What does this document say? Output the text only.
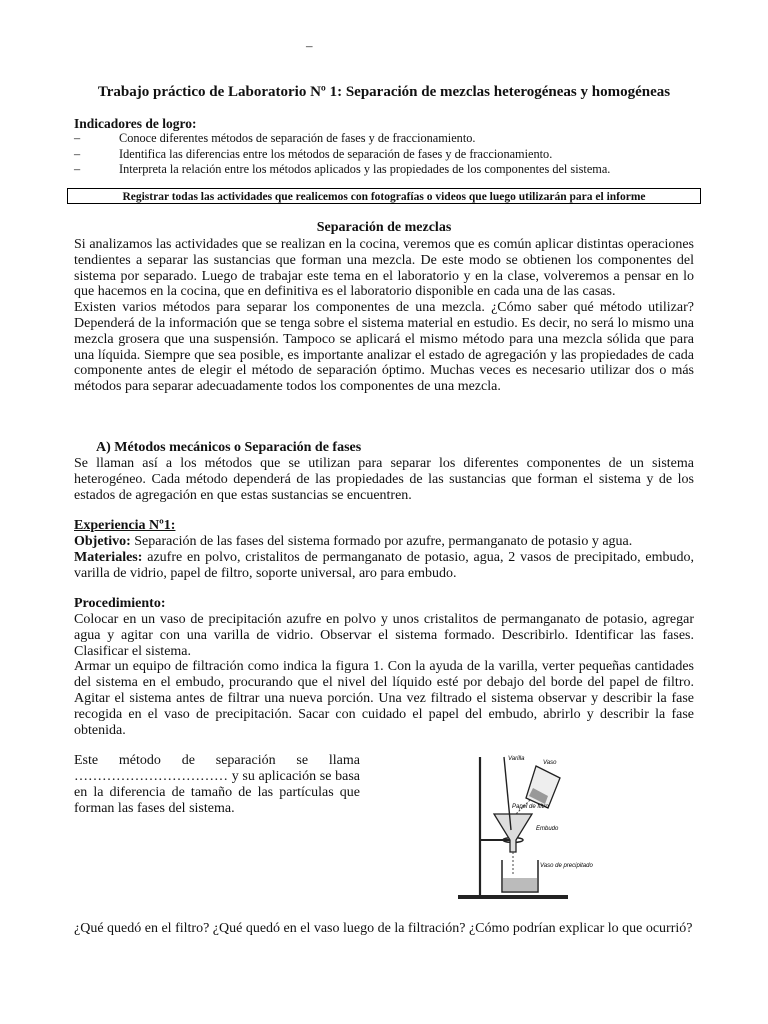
–
Trabajo práctico de Laboratorio Nº 1: Separación de mezclas heterogéneas y homogéneas
Indicadores de logro:
–	Conoce diferentes métodos de separación de fases y de fraccionamiento.
–	Identifica las diferencias entre los métodos de separación de fases y de fraccionamiento.
–	Interpreta la relación entre los métodos aplicados y las propiedades de los componentes del sistema.
Registrar todas las actividades que realicemos con fotografías o videos que luego utilizarán para el informe
Separación de mezclas

Si analizamos las actividades que se realizan en la cocina, veremos que es común aplicar distintas operaciones tendientes a separar las sustancias que forman una mezcla. De este modo se obtienen los componentes del sistema por separado. Luego de trabajar este tema en el laboratorio y en la clase, volveremos a pensar en lo que hacemos en la cocina, que en definitiva es el laboratorio disponible en cada una de las casas.

Existen varios métodos para separar los componentes de una mezcla. ¿Cómo saber qué método utilizar? Dependerá de la información que se tenga sobre el sistema material en estudio. Es decir, no será lo mismo una mezcla grosera que una suspensión. Tampoco se aplicará el mismo método para una mezcla sólida que para una líquida. Siempre que sea posible, es importante analizar el estado de agregación y las propiedades de cada componente antes de elegir el método de separación óptimo. Muchas veces es necesario utilizar dos o más métodos para separar adecuadamente todos los componentes de una mezcla.

A) Métodos mecánicos o Separación de fases
Se llaman así a los métodos que se utilizan para separar los diferentes componentes de un sistema heterogéneo. Cada método dependerá de las propiedades de las sustancias que forman el sistema y de los estados de agregación en que estas sustancias se encuentren.
Experiencia Nº1:

Objetivo: Separación de las fases del sistema formado por azufre, permanganato de potasio y agua.

Materiales: azufre en polvo, cristalitos de permanganato de potasio, agua, 2 vasos de precipitado, embudo, varilla de vidrio, papel de filtro, soporte universal, aro para embudo.

Procedimiento:

Colocar en un vaso de precipitación azufre en polvo y unos cristalitos de permanganato de potasio, agregar agua y agitar con una varilla de vidrio. Observar el sistema formado. Describirlo. Identificar las fases. Clasificar el sistema.

Armar un equipo de filtración como indica la figura 1. Con la ayuda de la varilla, verter pequeñas cantidades del sistema en el embudo, procurando que el nivel del líquido esté por debajo del borde del papel de filtro. Agitar el sistema antes de filtrar una nueva porción. Una vez filtrado el sistema observar y describir la fase recogida en el vaso de precipitación. Sacar con cuidado el papel del embudo, abrirlo y describir la fase obtenida.

Este método de separación se llama …………………………… y su aplicación se basa en la diferencia de tamaño de las partículas que forman las fases del sistema.
Varilla
Vaso
Papel de filtro
Embudo
Vaso de precipitado
¿Qué quedó en el filtro? ¿Qué quedó en el vaso luego de la filtración? ¿Cómo podrían explicar lo que ocurrió?
